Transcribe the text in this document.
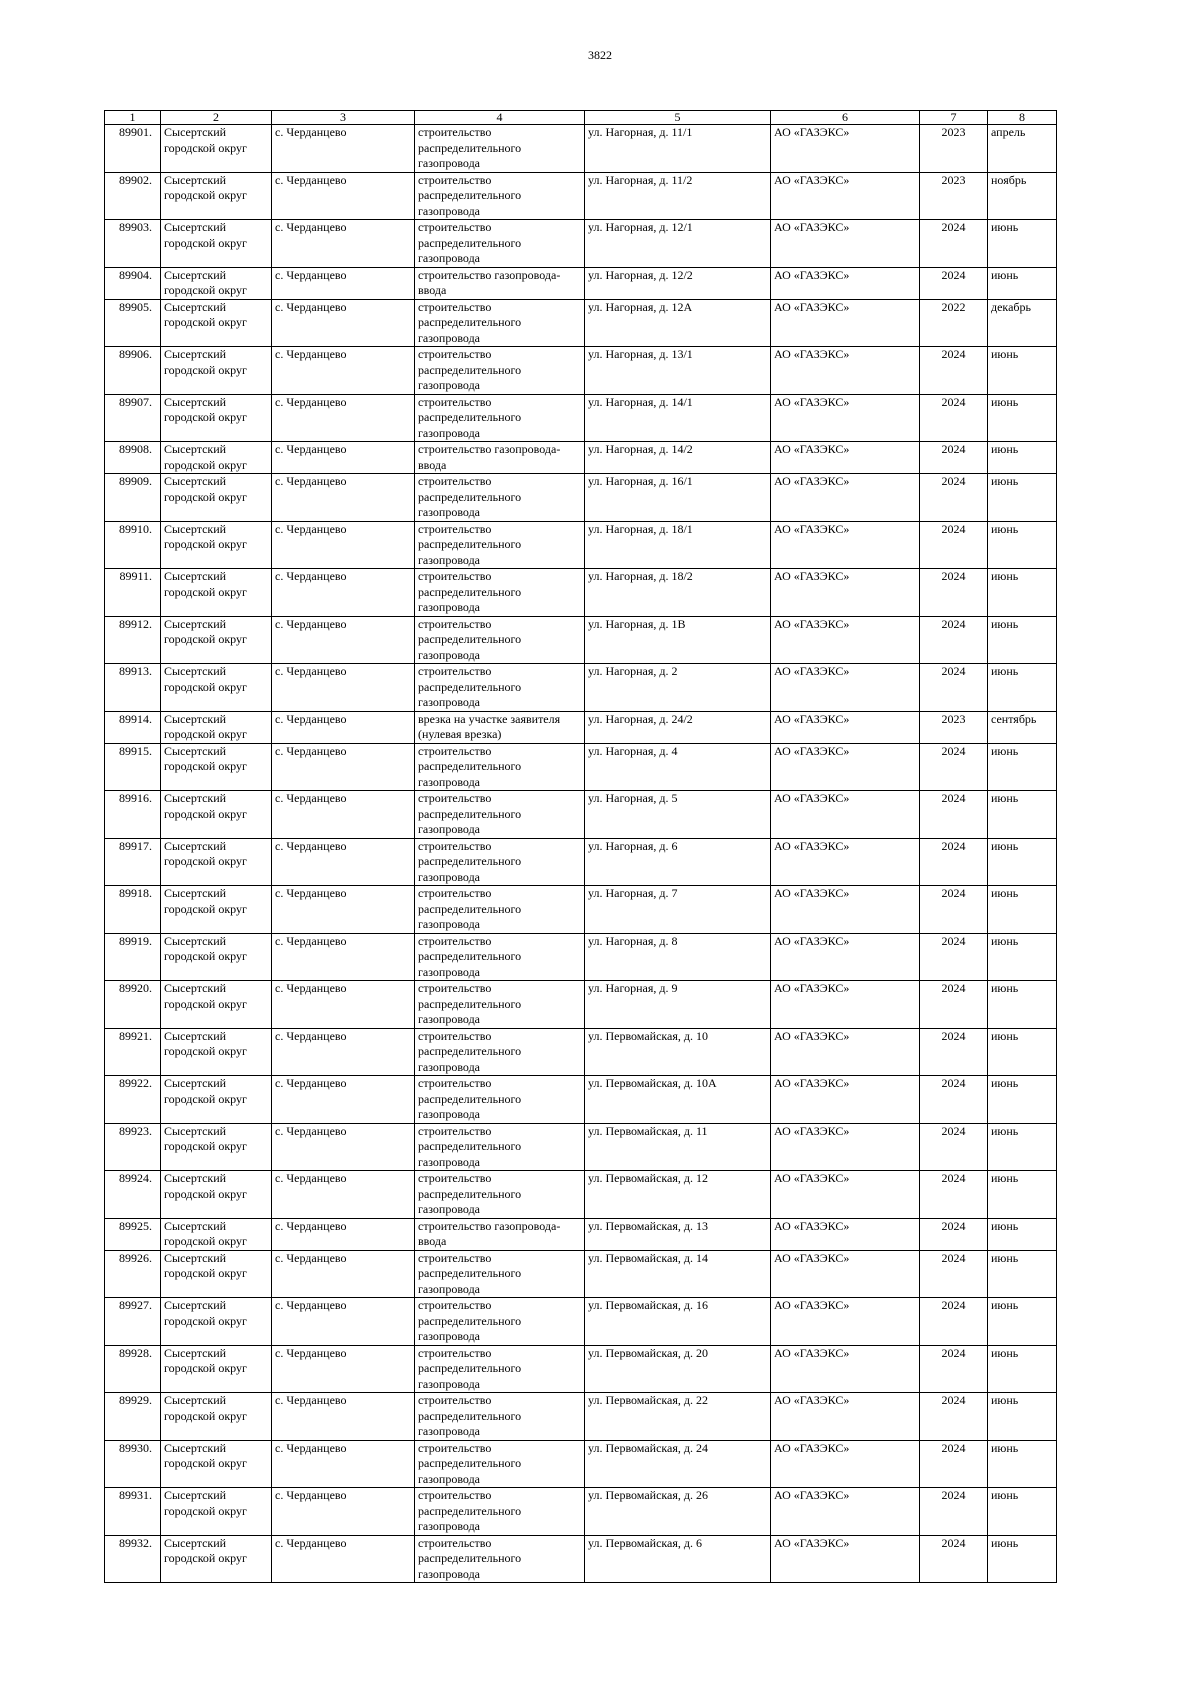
3822
1	2	3	4	5	6	7	8
89901.	Сысертский городской округ	с. Черданцево	строительство распределительного газопровода	ул. Нагорная, д. 11/1	АО «ГАЗЭКС»	2023	апрель
89902.	Сысертский городской округ	с. Черданцево	строительство распределительного газопровода	ул. Нагорная, д. 11/2	АО «ГАЗЭКС»	2023	ноябрь
89903.	Сысертский городской округ	с. Черданцево	строительство распределительного газопровода	ул. Нагорная, д. 12/1	АО «ГАЗЭКС»	2024	июнь
89904.	Сысертский городской округ	с. Черданцево	строительство газопровода-ввода	ул. Нагорная, д. 12/2	АО «ГАЗЭКС»	2024	июнь
89905.	Сысертский городской округ	с. Черданцево	строительство распределительного газопровода	ул. Нагорная, д. 12А	АО «ГАЗЭКС»	2022	декабрь
89906.	Сысертский городской округ	с. Черданцево	строительство распределительного газопровода	ул. Нагорная, д. 13/1	АО «ГАЗЭКС»	2024	июнь
89907.	Сысертский городской округ	с. Черданцево	строительство распределительного газопровода	ул. Нагорная, д. 14/1	АО «ГАЗЭКС»	2024	июнь
89908.	Сысертский городской округ	с. Черданцево	строительство газопровода-ввода	ул. Нагорная, д. 14/2	АО «ГАЗЭКС»	2024	июнь
89909.	Сысертский городской округ	с. Черданцево	строительство распределительного газопровода	ул. Нагорная, д. 16/1	АО «ГАЗЭКС»	2024	июнь
89910.	Сысертский городской округ	с. Черданцево	строительство распределительного газопровода	ул. Нагорная, д. 18/1	АО «ГАЗЭКС»	2024	июнь
89911.	Сысертский городской округ	с. Черданцево	строительство распределительного газопровода	ул. Нагорная, д. 18/2	АО «ГАЗЭКС»	2024	июнь
89912.	Сысертский городской округ	с. Черданцево	строительство распределительного газопровода	ул. Нагорная, д. 1В	АО «ГАЗЭКС»	2024	июнь
89913.	Сысертский городской округ	с. Черданцево	строительство распределительного газопровода	ул. Нагорная, д. 2	АО «ГАЗЭКС»	2024	июнь
89914.	Сысертский городской округ	с. Черданцево	врезка на участке заявителя (нулевая врезка)	ул. Нагорная, д. 24/2	АО «ГАЗЭКС»	2023	сентябрь
89915.	Сысертский городской округ	с. Черданцево	строительство распределительного газопровода	ул. Нагорная, д. 4	АО «ГАЗЭКС»	2024	июнь
89916.	Сысертский городской округ	с. Черданцево	строительство распределительного газопровода	ул. Нагорная, д. 5	АО «ГАЗЭКС»	2024	июнь
89917.	Сысертский городской округ	с. Черданцево	строительство распределительного газопровода	ул. Нагорная, д. 6	АО «ГАЗЭКС»	2024	июнь
89918.	Сысертский городской округ	с. Черданцево	строительство распределительного газопровода	ул. Нагорная, д. 7	АО «ГАЗЭКС»	2024	июнь
89919.	Сысертский городской округ	с. Черданцево	строительство распределительного газопровода	ул. Нагорная, д. 8	АО «ГАЗЭКС»	2024	июнь
89920.	Сысертский городской округ	с. Черданцево	строительство распределительного газопровода	ул. Нагорная, д. 9	АО «ГАЗЭКС»	2024	июнь
89921.	Сысертский городской округ	с. Черданцево	строительство распределительного газопровода	ул. Первомайская, д. 10	АО «ГАЗЭКС»	2024	июнь
89922.	Сысертский городской округ	с. Черданцево	строительство распределительного газопровода	ул. Первомайская, д. 10А	АО «ГАЗЭКС»	2024	июнь
89923.	Сысертский городской округ	с. Черданцево	строительство распределительного газопровода	ул. Первомайская, д. 11	АО «ГАЗЭКС»	2024	июнь
89924.	Сысертский городской округ	с. Черданцево	строительство распределительного газопровода	ул. Первомайская, д. 12	АО «ГАЗЭКС»	2024	июнь
89925.	Сысертский городской округ	с. Черданцево	строительство газопровода-ввода	ул. Первомайская, д. 13	АО «ГАЗЭКС»	2024	июнь
89926.	Сысертский городской округ	с. Черданцево	строительство распределительного газопровода	ул. Первомайская, д. 14	АО «ГАЗЭКС»	2024	июнь
89927.	Сысертский городской округ	с. Черданцево	строительство распределительного газопровода	ул. Первомайская, д. 16	АО «ГАЗЭКС»	2024	июнь
89928.	Сысертский городской округ	с. Черданцево	строительство распределительного газопровода	ул. Первомайская, д. 20	АО «ГАЗЭКС»	2024	июнь
89929.	Сысертский городской округ	с. Черданцево	строительство распределительного газопровода	ул. Первомайская, д. 22	АО «ГАЗЭКС»	2024	июнь
89930.	Сысертский городской округ	с. Черданцево	строительство распределительного газопровода	ул. Первомайская, д. 24	АО «ГАЗЭКС»	2024	июнь
89931.	Сысертский городской округ	с. Черданцево	строительство распределительного газопровода	ул. Первомайская, д. 26	АО «ГАЗЭКС»	2024	июнь
89932.	Сысертский городской округ	с. Черданцево	строительство распределительного газопровода	ул. Первомайская, д. 6	АО «ГАЗЭКС»	2024	июнь
